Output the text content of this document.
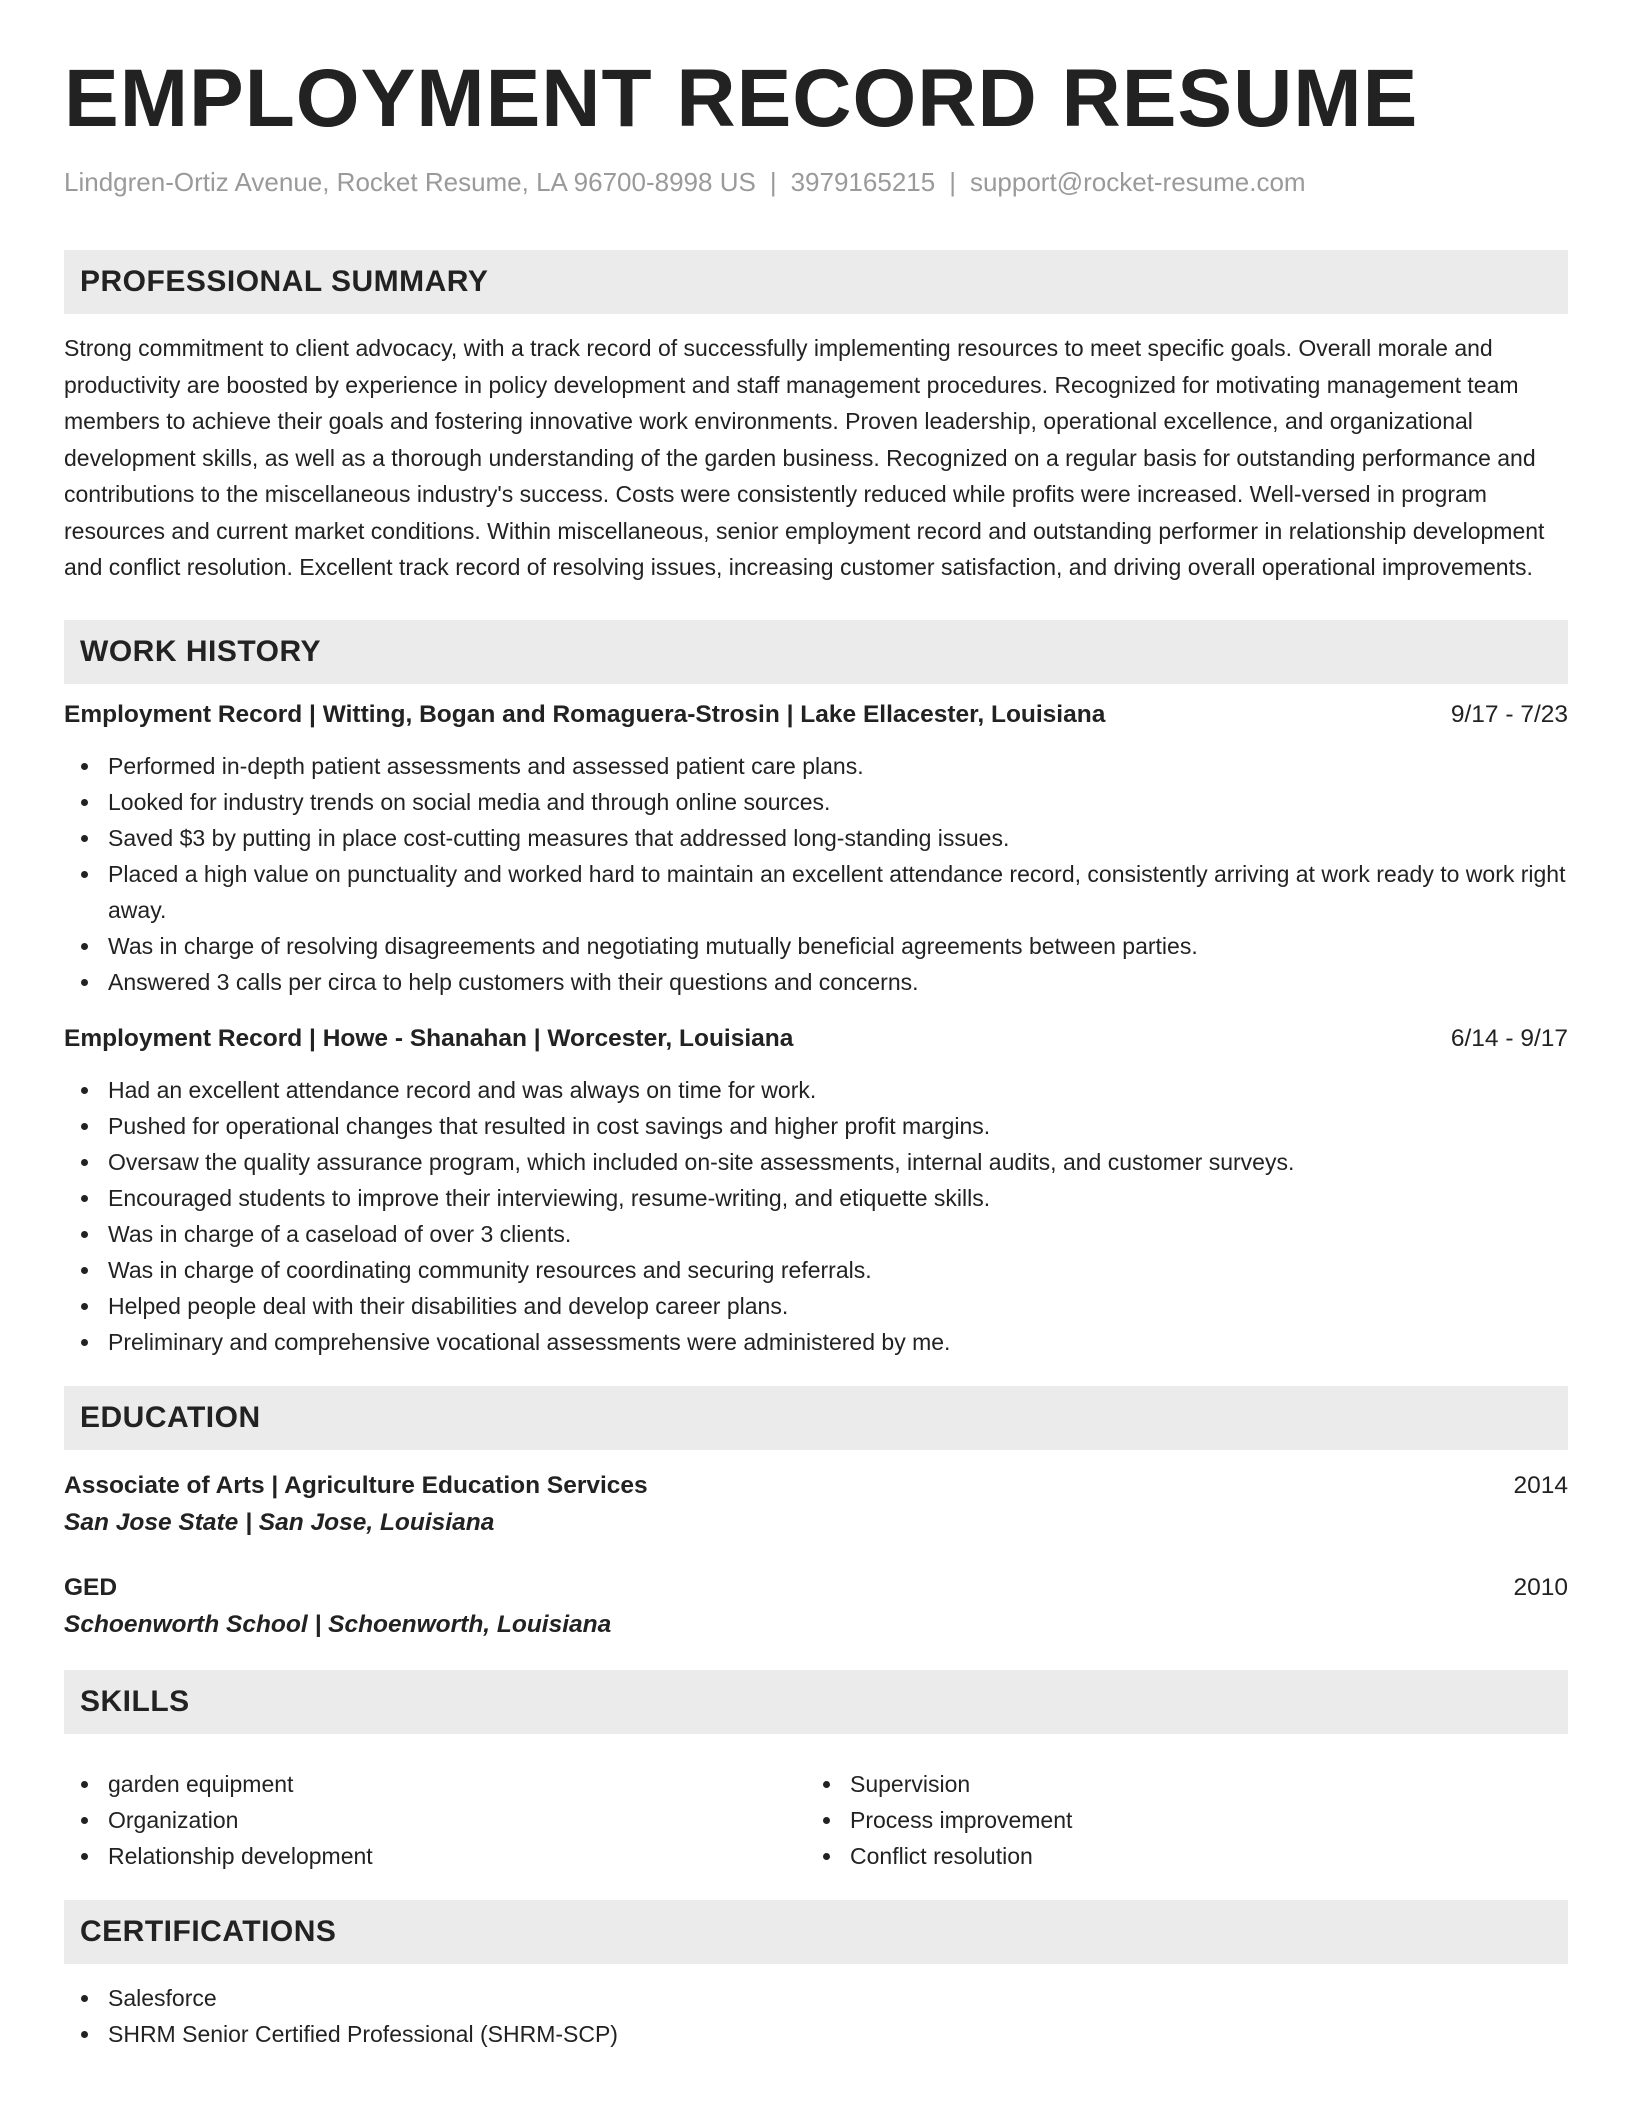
EMPLOYMENT RECORD RESUME
Lindgren-Ortiz Avenue, Rocket Resume, LA 96700-8998 US | 3979165215 | support@rocket-resume.com
PROFESSIONAL SUMMARY

Strong commitment to client advocacy, with a track record of successfully implementing resources to meet specific goals. Overall morale and productivity are boosted by experience in policy development and staff management procedures. Recognized for motivating management team members to achieve their goals and fostering innovative work environments. Proven leadership, operational excellence, and organizational development skills, as well as a thorough understanding of the garden business. Recognized on a regular basis for outstanding performance and contributions to the miscellaneous industry's success. Costs were consistently reduced while profits were increased. Well-versed in program resources and current market conditions. Within miscellaneous, senior employment record and outstanding performer in relationship development and conflict resolution. Excellent track record of resolving issues, increasing customer satisfaction, and driving overall operational improvements.

WORK HISTORY
Employment Record | Witting, Bogan and Romaguera-Strosin | Lake Ellacester, Louisiana	9/17 - 7/23
Performed in-depth patient assessments and assessed patient care plans.
Looked for industry trends on social media and through online sources.
Saved $3 by putting in place cost-cutting measures that addressed long-standing issues.
Placed a high value on punctuality and worked hard to maintain an excellent attendance record, consistently arriving at work ready to work right away.
Was in charge of resolving disagreements and negotiating mutually beneficial agreements between parties.
Answered 3 calls per circa to help customers with their questions and concerns.
Employment Record | Howe - Shanahan | Worcester, Louisiana	6/14 - 9/17
Had an excellent attendance record and was always on time for work.
Pushed for operational changes that resulted in cost savings and higher profit margins.
Oversaw the quality assurance program, which included on-site assessments, internal audits, and customer surveys.
Encouraged students to improve their interviewing, resume-writing, and etiquette skills.
Was in charge of a caseload of over 3 clients.
Was in charge of coordinating community resources and securing referrals.
Helped people deal with their disabilities and develop career plans.
Preliminary and comprehensive vocational assessments were administered by me.
EDUCATION
Associate of Arts | Agriculture Education Services	2014
San Jose State | San Jose, Louisiana
GED	2010
Schoenworth School | Schoenworth, Louisiana
SKILLS
garden equipment
Organization
Relationship development
Supervision
Process improvement
Conflict resolution
CERTIFICATIONS
Salesforce
SHRM Senior Certified Professional (SHRM-SCP)
